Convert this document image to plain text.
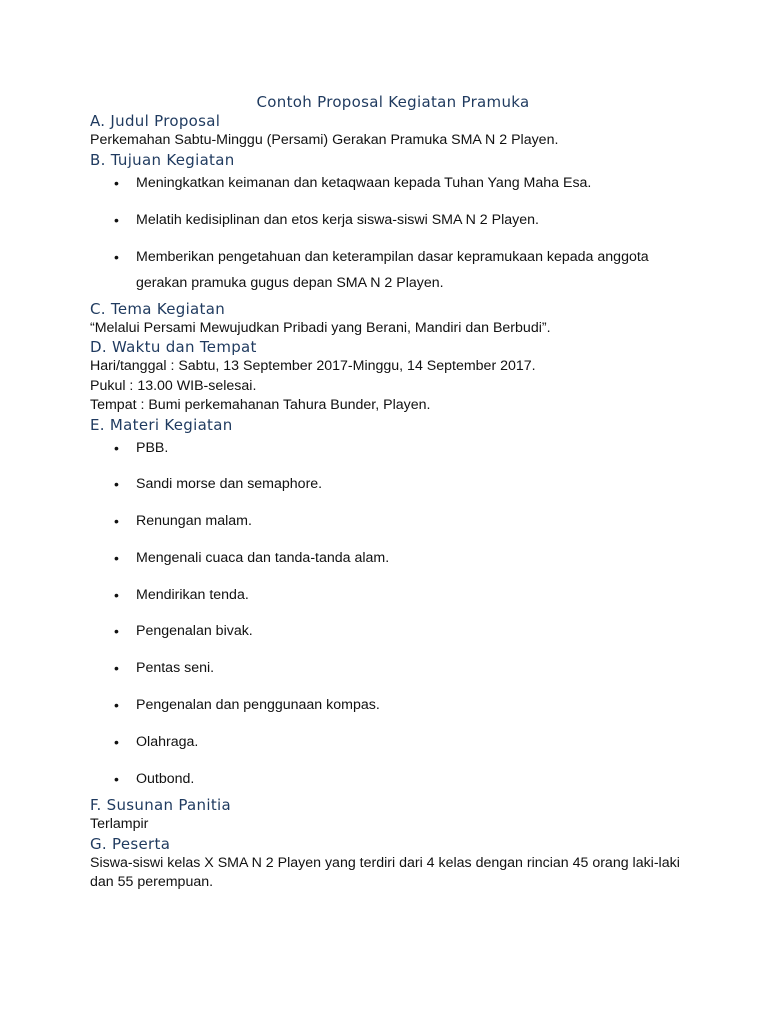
Contoh Proposal Kegiatan Pramuka
A. Judul Proposal

Perkemahan Sabtu-Minggu (Persami) Gerakan Pramuka SMA N 2 Playen.

B. Tujuan Kegiatan
• Meningkatkan keimanan dan ketaqwaan kepada Tuhan Yang Maha Esa.
• Melatih kedisiplinan dan etos kerja siswa-siswi SMA N 2 Playen.
• Memberikan pengetahuan dan keterampilan dasar kepramukaan kepada anggota gerakan pramuka gugus depan SMA N 2 Playen.
C. Tema Kegiatan

“Melalui Persami Mewujudkan Pribadi yang Berani, Mandiri dan Berbudi”.

D. Waktu dan Tempat

Hari/tanggal : Sabtu, 13 September 2017-Minggu, 14 September 2017.

Pukul : 13.00 WIB-selesai.

Tempat : Bumi perkemahanan Tahura Bunder, Playen.

E. Materi Kegiatan
• PBB.
• Sandi morse dan semaphore.
• Renungan malam.
• Mengenali cuaca dan tanda-tanda alam.
• Mendirikan tenda.
• Pengenalan bivak.
• Pentas seni.
• Pengenalan dan penggunaan kompas.
• Olahraga.
• Outbond.
F. Susunan Panitia

Terlampir

G. Peserta

Siswa-siswi kelas X SMA N 2 Playen yang terdiri dari 4 kelas dengan rincian 45 orang laki-laki dan 55 perempuan.
